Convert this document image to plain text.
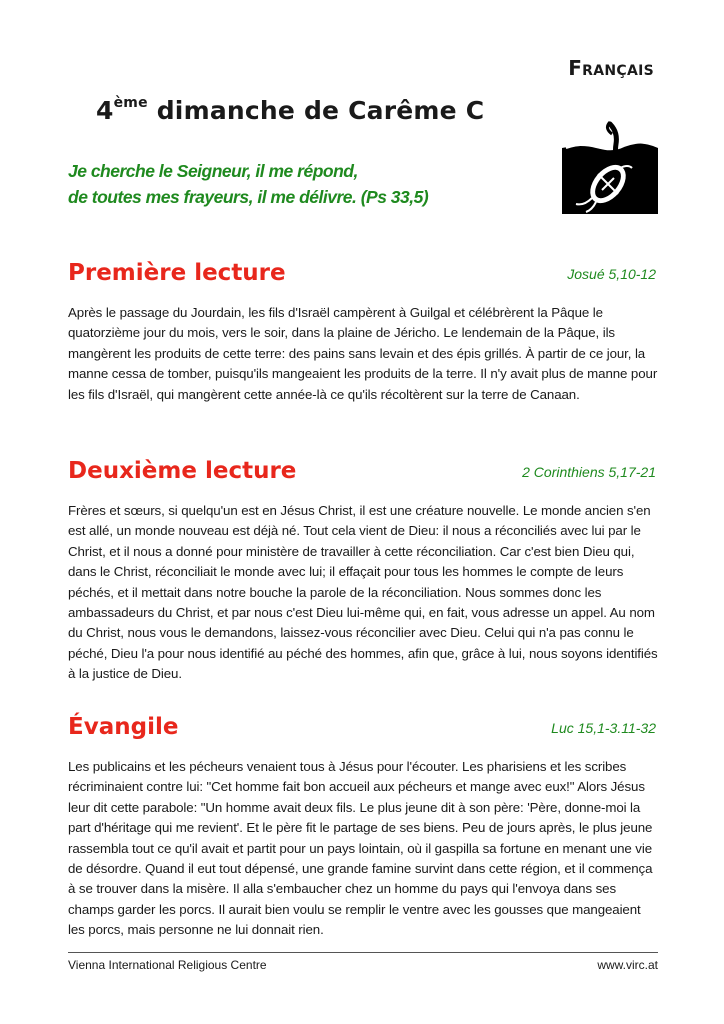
Français
4ème dimanche de Carême C
Je cherche le Seigneur, il me répond,
de toutes mes frayeurs, il me délivre. (Ps 33,5)
Première lecture	Josué 5,10-12

Après le passage du Jourdain, les fils d'Israël campèrent à Guilgal et célébrèrent la Pâque le quatorzième jour du mois, vers le soir, dans la plaine de Jéricho. Le lendemain de la Pâque, ils mangèrent les produits de cette terre: des pains sans levain et des épis grillés. À partir de ce jour, la manne cessa de tomber, puisqu'ils mangeaient les produits de la terre. Il n'y avait plus de manne pour les fils d'Israël, qui mangèrent cette année-là ce qu'ils récoltèrent sur la terre de Canaan.

Deuxième lecture	2 Corinthiens 5,17-21

Frères et sœurs, si quelqu'un est en Jésus Christ, il est une créature nouvelle. Le monde ancien s'en est allé, un monde nouveau est déjà né. Tout cela vient de Dieu: il nous a réconciliés avec lui par le Christ, et il nous a donné pour ministère de travailler à cette réconciliation. Car c'est bien Dieu qui, dans le Christ, réconciliait le monde avec lui; il effaçait pour tous les hommes le compte de leurs péchés, et il mettait dans notre bouche la parole de la réconciliation. Nous sommes donc les ambassadeurs du Christ, et par nous c'est Dieu lui-même qui, en fait, vous adresse un appel. Au nom du Christ, nous vous le demandons, laissez-vous réconcilier avec Dieu. Celui qui n'a pas connu le péché, Dieu l'a pour nous identifié au péché des hommes, afin que, grâce à lui, nous soyons identifiés à la justice de Dieu.

Évangile	Luc 15,1-3.11-32

Les publicains et les pécheurs venaient tous à Jésus pour l'écouter. Les pharisiens et les scribes récriminaient contre lui: "Cet homme fait bon accueil aux pécheurs et mange avec eux!" Alors Jésus leur dit cette parabole: "Un homme avait deux fils. Le plus jeune dit à son père: 'Père, donne-moi la part d'héritage qui me revient'. Et le père fit le partage de ses biens. Peu de jours après, le plus jeune rassembla tout ce qu'il avait et partit pour un pays lointain, où il gaspilla sa fortune en menant une vie de désordre. Quand il eut tout dépensé, une grande famine survint dans cette région, et il commença à se trouver dans la misère. Il alla s'embaucher chez un homme du pays qui l'envoya dans ses champs garder les porcs. Il aurait bien voulu se remplir le ventre avec les gousses que mangeaient les porcs, mais personne ne lui donnait rien.

Vienna International Religious Centre	www.virc.at
